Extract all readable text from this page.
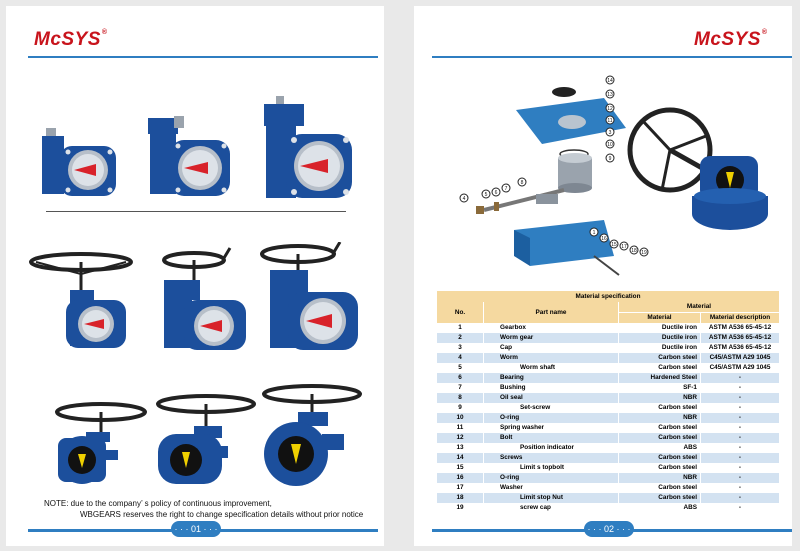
McSYS®
NOTE: due to the company’ s policy of continuous improvement,
WBGEARS reserves the right to change specification details without prior notice
· · · 01 · · ·
McSYS®
14
13
12
11
3
10
9
8
7
6
5
4
1
16
15 17
18 19
Material specification			
No.	Part name	Material	
		Material	Material description
1	Gearbox	Ductile iron	ASTM A536 65-45-12
2	Worm gear	Ductile iron	ASTM A536 65-45-12
3	Cap	Ductile iron	ASTM A536 65-45-12
4	Worm	Carbon steel	C45/ASTM A29 1045
5	Worm shaft	Carbon steel	C45/ASTM A29 1045
6	Bearing	Hardened Steel	-
7	Bushing	SF-1	-
8	Oil seal	NBR	-
9	Set-screw	Carbon steel	-
10	O-ring	NBR	-
11	Spring washer	Carbon steel	-
12	Bolt	Carbon steel	-
13	Position indicator	ABS	-
14	Screws	Carbon steel	-
15	Limit s topbolt	Carbon steel	-
16	O-ring	NBR	-
17	Washer	Carbon steel	-
18	Limit stop Nut	Carbon steel	-
19	screw cap	ABS	-
· · · 02 · · ·
